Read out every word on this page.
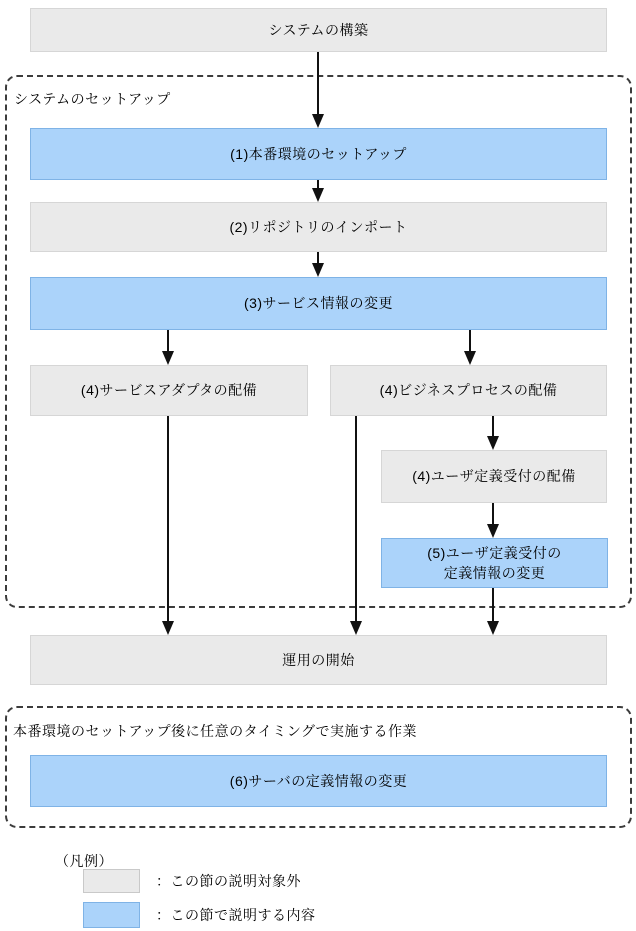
システムの構築
システムのセットアップ
(1)本番環境のセットアップ
(2)リポジトリのインポート
(3)サービス情報の変更
(4)サービスアダプタの配備	(4)ビジネスプロセスの配備
(4)ユーザ定義受付の配備
(5)ユーザ定義受付の
定義情報の変更
運用の開始
本番環境のセットアップ後に任意のタイミングで実施する作業
(6)サーバの定義情報の変更
（凡例）
：この節の説明対象外
：この節で説明する内容
